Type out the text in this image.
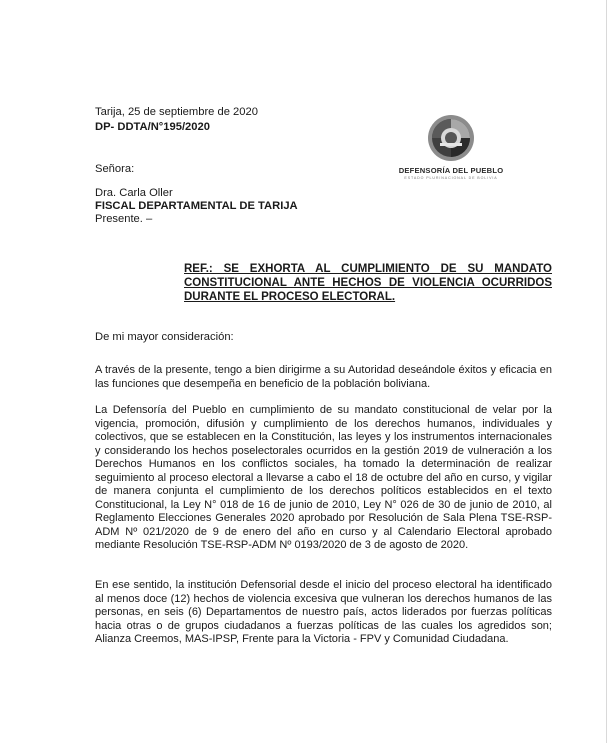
Tarija, 25 de septiembre de 2020
DP- DDTA/N°195/2020
DEFENSORÍA DEL PUEBLO
ESTADO PLURINACIONAL DE BOLIVIA
Señora:
Dra. Carla Oller
FISCAL DEPARTAMENTAL DE TARIJA
Presente. –
REF.: SE EXHORTA AL CUMPLIMIENTO DE SU MANDATO CONSTITUCIONAL ANTE HECHOS DE VIOLENCIA OCURRIDOS DURANTE EL PROCESO ELECTORAL.
De mi mayor consideración:
A través de la presente, tengo a bien dirigirme a su Autoridad deseándole éxitos y eficacia en las funciones que desempeña en beneficio de la población boliviana.
La Defensoría del Pueblo en cumplimiento de su mandato constitucional de velar por la vigencia, promoción, difusión y cumplimiento de los derechos humanos, individuales y colectivos, que se establecen en la Constitución, las leyes y los instrumentos internacionales y considerando los hechos poselectorales ocurridos en la gestión 2019 de vulneración a los Derechos Humanos en los conflictos sociales, ha tomado la determinación de realizar seguimiento al proceso electoral a llevarse a cabo el 18 de octubre del año en curso, y vigilar de manera conjunta el cumplimiento de los derechos políticos establecidos en el texto Constitucional, la Ley N° 018 de 16 de junio de 2010, Ley N° 026 de 30 de junio de 2010, al Reglamento Elecciones Generales 2020 aprobado por Resolución de Sala Plena TSE-RSP-ADM Nº 021/2020 de 9 de enero del año en curso y al Calendario Electoral aprobado mediante Resolución TSE-RSP-ADM Nº 0193/2020 de 3 de agosto de 2020.
En ese sentido, la institución Defensorial desde el inicio del proceso electoral ha identificado al menos doce (12) hechos de violencia excesiva que vulneran los derechos humanos de las personas, en seis (6) Departamentos de nuestro país, actos liderados por fuerzas políticas hacia otras o de grupos ciudadanos a fuerzas políticas de las cuales los agredidos son; Alianza Creemos, MAS-IPSP, Frente para la Victoria - FPV y Comunidad Ciudadana.
